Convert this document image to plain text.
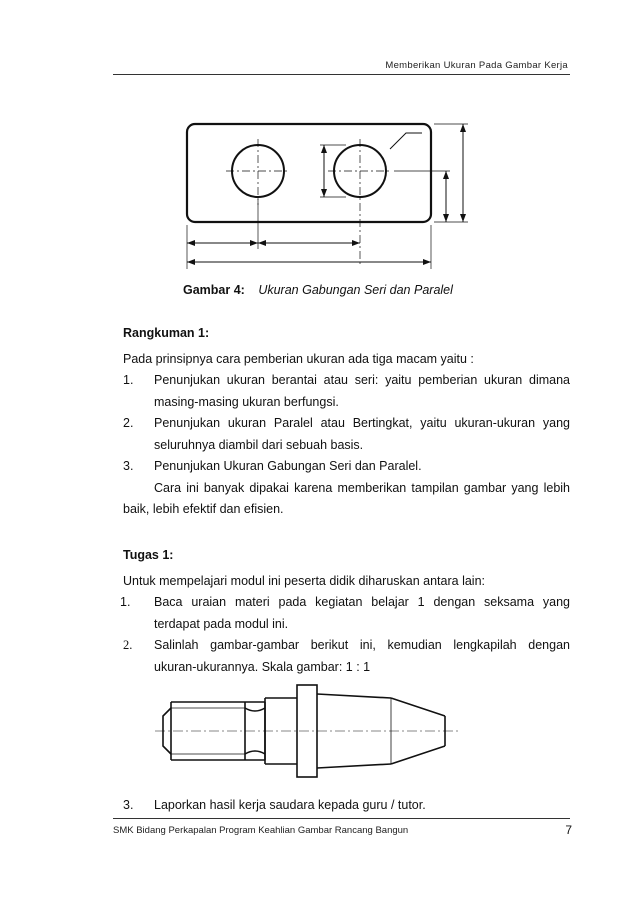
Memberikan Ukuran Pada Gambar Kerja
Gambar 4: Ukuran Gabungan Seri dan Paralel
Rangkuman 1:
Pada prinsipnya cara pemberian ukuran ada tiga macam yaitu :
1. Penunjukan ukuran berantai atau seri: yaitu pemberian ukuran dimana
masing-masing ukuran berfungsi.
2. Penunjukan ukuran Paralel atau Bertingkat, yaitu ukuran-ukuran yang
seluruhnya diambil dari sebuah basis.
3. Penunjukan Ukuran Gabungan Seri dan Paralel.
Cara ini banyak dipakai karena memberikan tampilan gambar yang lebih
baik, lebih efektif dan efisien.
Tugas 1:
Untuk mempelajari modul ini peserta didik diharuskan antara lain:
1. Baca uraian materi pada kegiatan belajar 1 dengan seksama yang
terdapat pada modul ini.
2. Salinlah gambar-gambar berikut ini, kemudian lengkapilah dengan
ukuran-ukurannya. Skala gambar: 1 : 1
3. Laporkan hasil kerja saudara kepada guru / tutor.
SMK Bidang Perkapalan Program Keahlian Gambar Rancang Bangun	7
